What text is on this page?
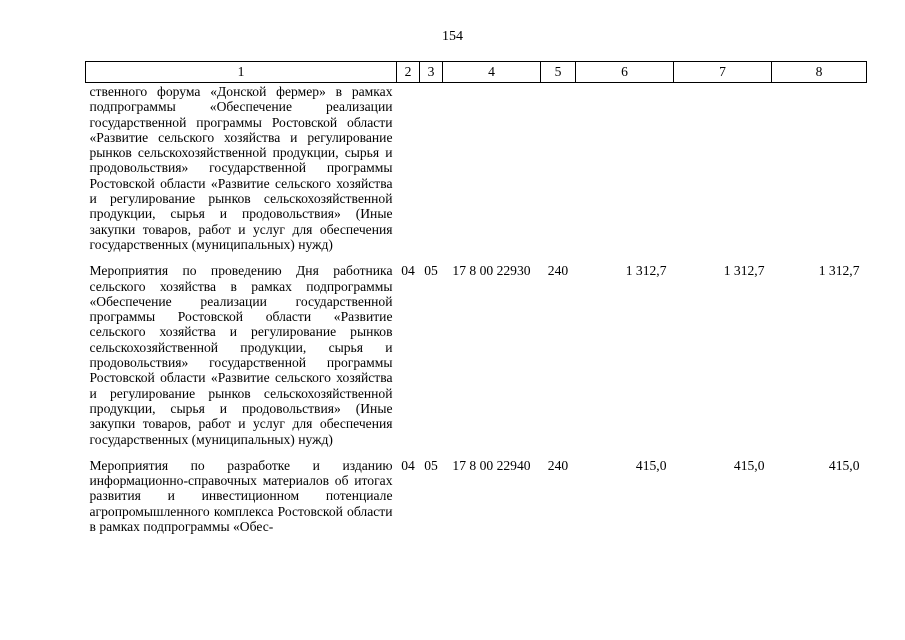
154
1	2	3	4	5	6	7	8
ственного форума «Донской фермер» в рамках подпрограммы «Обеспечение реализации государственной программы Ростовской области «Развитие сельского хозяйства и регулирование рынков сельскохозяйственной продукции, сырья и продовольствия» государственной программы Ростовской области «Развитие сельского хозяйства и регулирование рынков сельскохозяйственной продукции, сырья и продовольствия» (Иные закупки товаров, работ и услуг для обеспечения государственных (муниципальных) нужд)							
Мероприятия по проведению Дня работника сельского хозяйства в рамках подпрограммы «Обеспечение реализации государственной программы Ростовской области «Развитие сельского хозяйства и регулирование рынков сельскохозяйственной продукции, сырья и продовольствия» государственной программы Ростовской области «Развитие сельского хозяйства и регулирование рынков сельскохозяйственной продукции, сырья и продовольствия» (Иные закупки товаров, работ и услуг для обеспечения государственных (муниципальных) нужд)	04	05	17 8 00 22930	240	1 312,7	1 312,7	1 312,7
Мероприятия по разработке и изданию информационно-справочных материалов об итогах развития и инвестиционном потенциале агропромышленного комплекса Ростовской области в рамках подпрограммы «Обес-	04	05	17 8 00 22940	240	415,0	415,0	415,0
